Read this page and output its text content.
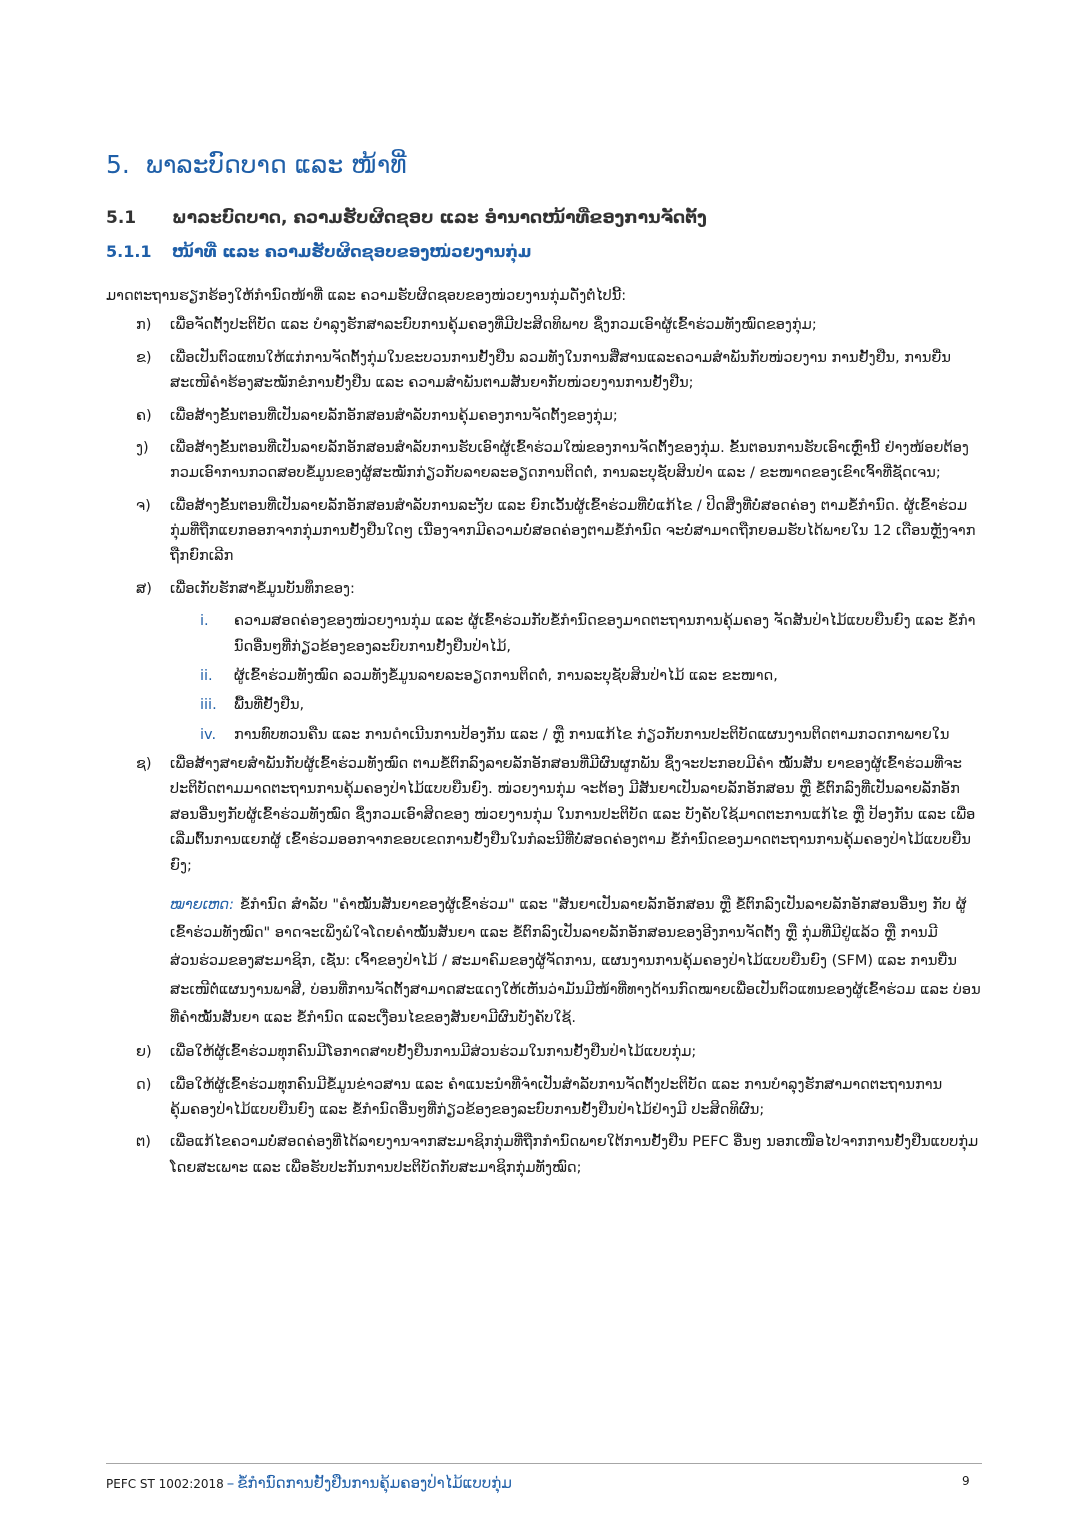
5. ພາລະບົດບາດ ແລະ ໜ້າທີ່
5.1 ພາລະບົດບາດ, ຄວາມຮັບຜິດຊອບ ແລະ ອຳນາດໜ້າທີ່ຂອງການຈັດຕັ້ງ
5.1.1 ໜ້າທີ່ ແລະ ຄວາມຮັບຜິດຊອບຂອງໜ່ວຍງານກຸ່ມ

ມາດຕະຖານຮຽກຮ້ອງໃຫ້ກຳນົດໜ້າທີ່ ແລະ ຄວາມຮັບຜິດຊອບຂອງໜ່ວຍງານກຸ່ມດັ່ງຕໍ່ໄປນີ້:

ກ) ເພື່ອຈັດຕັ້ງປະຕິບັດ ແລະ ບຳລຸງຮັກສາລະບົບການຄຸ້ມຄອງທີ່ມີປະສິດທິພາບ ຊຶ່ງກວມເອົາຜູ້ເຂົ້າຮ່ວມທັງໝົດຂອງກຸ່ມ;
ຂ) ເພື່ອເປັນຕົວແທນໃຫ້ແກ່ການຈັດຕັ້ງກຸ່ມໃນຂະບວນການຢັ້ງຢືນ ລວມທັງໃນການສື່ສານແລະຄວາມສຳພັນກັບໜ່ວຍງານ ການຢັ້ງຢືນ, ການຍື່ນສະເໜີຄຳຮ້ອງສະໝັກຂໍການຢັ້ງຢືນ ແລະ ຄວາມສຳພັນຕາມສັນຍາກັບໜ່ວຍງານການຢັ້ງຢືນ;
ຄ) ເພື່ອສ້າງຂັ້ນຕອນທີ່ເປັນລາຍລັກອັກສອນສຳລັບການຄຸ້ມຄອງການຈັດຕັ້ງຂອງກຸ່ມ;
ງ) ເພື່ອສ້າງຂັ້ນຕອນທີ່ເປັນລາຍລັກອັກສອນສຳລັບການຮັບເອົາຜູ້ເຂົ້າຮ່ວມໃໝ່ຂອງການຈັດຕັ້ງຂອງກຸ່ມ. ຂັ້ນຕອນການຮັບເອົາເຫຼົ່ານີ້ ຢ່າງໜ້ອຍຕ້ອງກວມເອົາການກວດສອບຂໍ້ມູນຂອງຜູ້ສະໝັກກ່ຽວກັບລາຍລະອຽດການຕິດຕໍ່, ການລະບຸຊັບສິນປ່າ ແລະ / ຂະໜາດຂອງເຂົາເຈົ້າທີ່ຊັດເຈນ;
ຈ) ເພື່ອສ້າງຂັ້ນຕອນທີ່ເປັນລາຍລັກອັກສອນສຳລັບການລະງັບ ແລະ ຍົກເວັ້ນຜູ້ເຂົ້າຮ່ວມທີ່ບໍ່ແກ້ໄຂ / ປິດສິ່ງທີ່ບໍ່ສອດຄ່ອງ ຕາມຂໍ້ກຳນົດ. ຜູ້ເຂົ້າຮ່ວມກຸ່ມທີ່ຖືກແຍກອອກຈາກກຸ່ມການຢັ້ງຢືນໃດໆ ເນື່ອງຈາກມີຄວາມບໍ່ສອດຄ່ອງຕາມຂໍ້ກຳນົດ ຈະບໍ່ສາມາດຖືກຍອມຮັບໄດ້ພາຍໃນ 12 ເດືອນຫຼັງຈາກຖືກຍົກເລີກ
ສ) ເພື່ອເກັບຮັກສາຂໍ້ມູນບັນທຶກຂອງ:
i. ຄວາມສອດຄ່ອງຂອງໜ່ວຍງານກຸ່ມ ແລະ ຜູ້ເຂົ້າຮ່ວມກັບຂໍ້ກຳນົດຂອງມາດຕະຖານການຄຸ້ມຄອງ ຈັດສັນປ່າໄມ້ແບບຍືນຍົງ ແລະ ຂໍ້ກຳນົດອື່ນໆທີ່ກ່ຽວຂ້ອງຂອງລະບົບການຢັ້ງຢືນປ່າໄມ້,
ii. ຜູ້ເຂົ້າຮ່ວມທັງໝົດ ລວມທັງຂໍ້ມູນລາຍລະອຽດການຕິດຕໍ່, ການລະບຸຊັບສິນປ່າໄມ້ ແລະ ຂະໜາດ,
iii. ພື້ນທີ່ຢັ້ງຢືນ,
iv. ການທົບທວນຄືນ ແລະ ການດຳເນີນການປ້ອງກັນ ແລະ / ຫຼື ການແກ້ໄຂ ກ່ຽວກັບການປະຕິບັດແຜນງານຕິດຕາມກວດກາພາຍໃນ
ຊ) ເພື່ອສ້າງສາຍສຳພັນກັບຜູ້ເຂົ້າຮ່ວມທັງໝົດ ຕາມຂໍ້ຕົກລົງລາຍລັກອັກສອນທີ່ມີຜົນຜູກພັນ ຊຶ່ງຈະປະກອບມີຄຳ ໝັ້ນສັນ ຍາຂອງຜູ້ເຂົ້າຮ່ວມທີ່ຈະປະຕິບັດຕາມມາດຕະຖານການຄຸ້ມຄອງປ່າໄມ້ແບບຍືນຍົງ. ໜ່ວຍງານກຸ່ມ ຈະຕ້ອງ ມີສັນຍາເປັນລາຍລັກອັກສອນ ຫຼື ຂໍ້ຕົກລົງທີ່ເປັນລາຍລັກອັກສອນອື່ນໆກັບຜູ້ເຂົ້າຮ່ວມທັງໝົດ ຊຶ່ງກວມເອົາສິດຂອງ ໜ່ວຍງານກຸ່ມ ໃນການປະຕິບັດ ແລະ ບັງຄັບໃຊ້ມາດຕະການແກ້ໄຂ ຫຼື ປ້ອງກັນ ແລະ ເພື່ອເລີ່ມຕົ້ນການແຍກຜູ້ ເຂົ້າຮ່ວມອອກຈາກຂອບເຂດການຢັ້ງຢືນໃນກໍລະນີທີ່ບໍ່ສອດຄ່ອງຕາມ ຂໍ້ກຳນົດຂອງມາດຕະຖານການຄຸ້ມຄອງປ່າໄມ້ແບບຍືນຍົງ;

ໝາຍເຫດ: ຂໍ້ກຳນົດ ສຳລັບ "ຄຳໝັ້ນສັນຍາຂອງຜູ້ເຂົ້າຮ່ວມ" ແລະ "ສັນຍາເປັນລາຍລັກອັກສອນ ຫຼື ຂໍ້ຕົກລົງເປັນລາຍລັກອັກສອນອື່ນໆ ກັບ ຜູ້ເຂົ້າຮ່ວມທັງໝົດ" ອາດຈະເພິ່ງພໍໃຈໂດຍຄຳໝັ້ນສັນຍາ ແລະ ຂໍ້ຕົກລົງເປັນລາຍລັກອັກສອນຂອງອີງການຈັດຕັ້ງ ຫຼື ກຸ່ມທີ່ມີຢູ່ແລ້ວ ຫຼື ການມີສ່ວນຮ່ວມຂອງສະມາຊິກ, ເຊັ່ນ: ເຈົ້າຂອງປ່າໄມ້ / ສະມາຄົມຂອງຜູ້ຈັດການ, ແຜນງານການຄຸ້ມຄອງປ່າໄມ້ແບບຍືນຍົງ (SFM) ແລະ ການຍື່ນສະເໜີຕໍ່ແຜນງານພາສີ, ບ່ອນທີ່ການຈັດຕັ້ງສາມາດສະແດງໃຫ້ເຫັນວ່າມັນມີໜ້າທີ່ທາງດ້ານກົດໝາຍເພື່ອເປັນຕົວແທນຂອງຜູ້ເຂົ້າຮ່ວມ ແລະ ບ່ອນທີ່ຄຳໝັ້ນສັນຍາ ແລະ ຂໍ້ກຳນົດ ແລະເງື່ອນໄຂຂອງສັນຍາມີຜົນບັງຄັບໃຊ້.

ຍ) ເພື່ອໃຫ້ຜູ້ເຂົ້າຮ່ວມທຸກຄົນມີໂອກາດສາບຢັ້ງຢືນການມີສ່ວນຮ່ວມໃນການຢັ້ງຢືນປ່າໄມ້ແບບກຸ່ມ;
ດ) ເພື່ອໃຫ້ຜູ້ເຂົ້າຮ່ວມທຸກຄົນມີຂໍ້ມູນຂ່າວສານ ແລະ ຄຳແນະນຳທີ່ຈຳເປັນສຳລັບການຈັດຕັ້ງປະຕິບັດ ແລະ ການບຳລຸງຮັກສາມາດຕະຖານການຄຸ້ມຄອງປ່າໄມ້ແບບຍືນຍົງ ແລະ ຂໍ້ກຳນົດອື່ນໆທີ່ກ່ຽວຂ້ອງຂອງລະບົບການຢັ້ງຢືນປ່າໄມ້ຢ່າງມີ ປະສິດທິຜົນ;
ຕ) ເພື່ອແກ້ໄຂຄວາມບໍ່ສອດຄ່ອງທີ່ໄດ້ລາຍງານຈາກສະມາຊິກກຸ່ມທີ່ຖືກກຳນົດພາຍໃຕ້ການຢັ້ງຢືນ PEFC ອື່ນໆ ນອກເໜືອໄປຈາກການຢັ້ງຢືນແບບກຸ່ມໂດຍສະເພາະ ແລະ ເພື່ອຮັບປະກັນການປະຕິບັດກັບສະມາຊິກກຸ່ມທັງໝົດ;
PEFC ST 1002:2018 – ຂໍ້ກຳນົດການຢັ້ງຢືນການຄຸ້ມຄອງປ່າໄມ້ແບບກຸ່ມ	9
